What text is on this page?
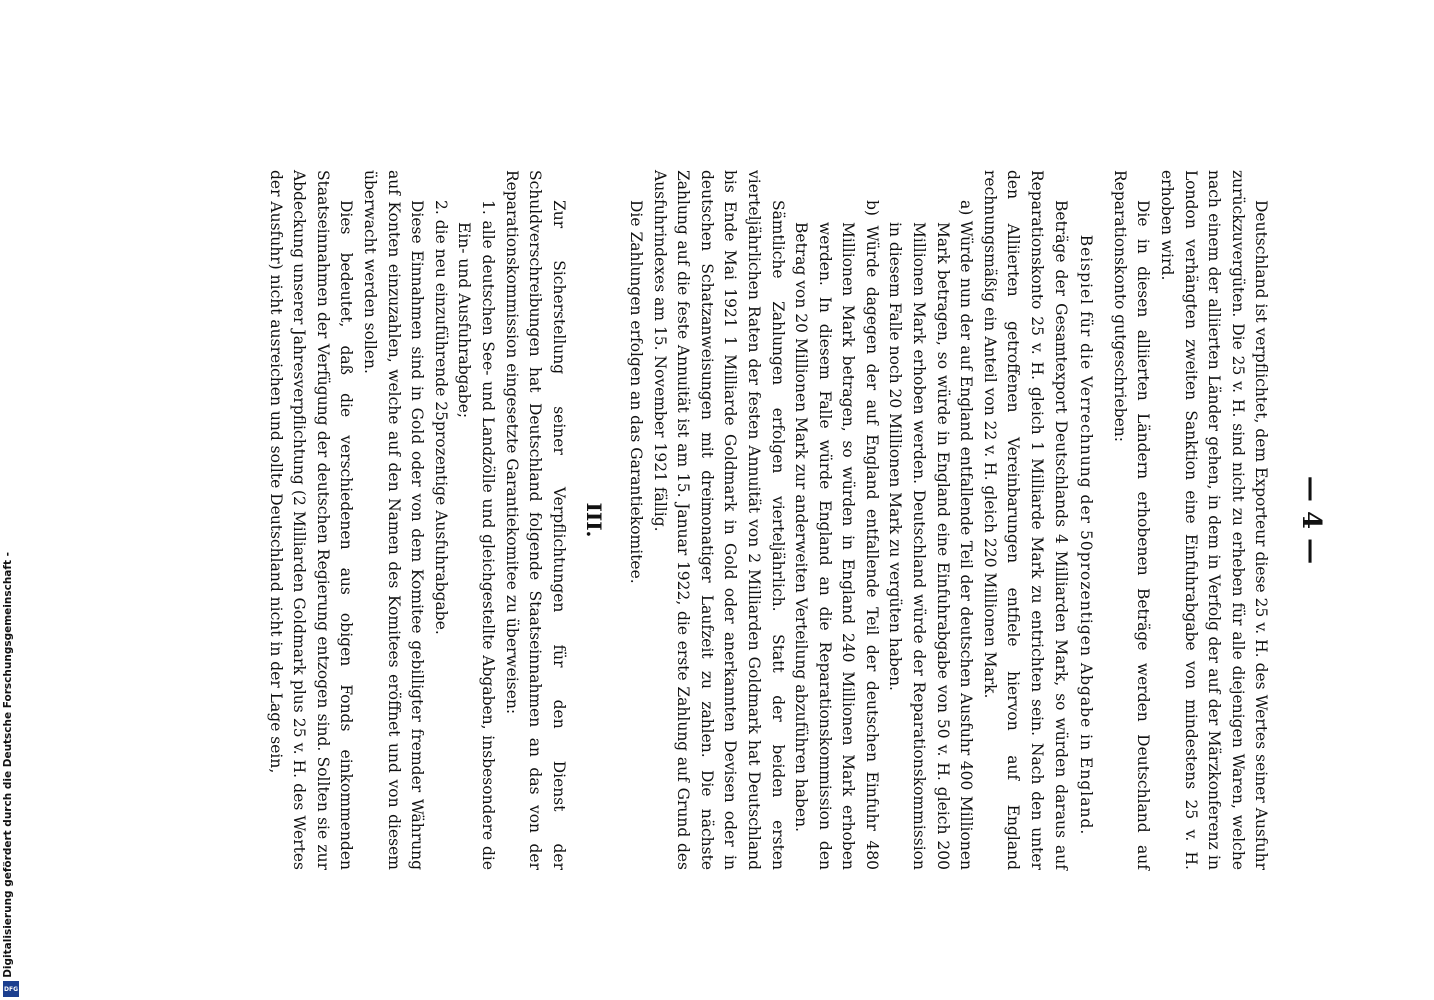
Digitalisierung gefördert durch die Deutsche Forschungsgemeinschaft -
DFG
— 4 —

Deutschland ist verpflichtet, dem Exporteur diese 25 v. H. des Wertes seiner Ausfuhr zurückzuvergüten. Die 25 v. H. sind nicht zu erheben für alle diejenigen Waren, welche nach einem der alliierten Länder gehen, in dem in Verfolg der auf der Märzkonferenz in London verhängten zweiten Sanktion eine Einfuhrabgabe von mindestens 25 v. H. erhoben wird.

Die in diesen alliierten Ländern erhobenen Beträge werden Deutschland auf Reparationskonto gutgeschrieben:

Beispiel für die Verrechnung der 50prozentigen Abgabe in England.

Beträge der Gesamtexport Deutschlands 4 Milliarden Mark, so würden daraus auf Reparationskonto 25 v. H. gleich 1 Milliarde Mark zu entrichten sein. Nach den unter den Alliierten getroffenen Vereinbarungen entfiele hiervon auf England rechnungsmäßig ein Anteil von 22 v. H. gleich 220 Millionen Mark.

a) Würde nun der auf England entfallende Teil der deutschen Ausfuhr 400 Millionen Mark betragen, so würde in England eine Einfuhrabgabe von 50 v. H. gleich 200 Millionen Mark erhoben werden. Deutschland würde der Reparationskommission in diesem Falle noch 20 Millionen Mark zu vergüten haben.

b) Würde dagegen der auf England entfallende Teil der deutschen Einfuhr 480 Millionen Mark betragen, so würden in England 240 Millionen Mark erhoben werden. In diesem Falle würde England an die Reparationskommission den Betrag von 20 Millionen Mark zur anderweiten Verteilung abzuführen haben.

Sämtliche Zahlungen erfolgen vierteljährlich. Statt der beiden ersten vierteljährlichen Raten der festen Annuität von 2 Milliarden Goldmark hat Deutschland bis Ende Mai 1921 1 Milliarde Goldmark in Gold oder anerkannten Devisen oder in deutschen Schatzanweisungen mit dreimonatiger Laufzeit zu zahlen. Die nächste Zahlung auf die feste Annuität ist am 15. Januar 1922, die erste Zahlung auf Grund des Ausfuhrindexes am 15. November 1921 fällig.

Die Zahlungen erfolgen an das Garantiekomitee.

III.

Zur Sicherstellung seiner Verpflichtungen für den Dienst der Schuldverschreibungen hat Deutschland folgende Staatseinnahmen an das von der Reparationskommission eingesetzte Garantiekomitee zu überweisen:

1. alle deutschen See- und Landzölle und gleichgestellte Abgaben, insbesondere die Ein- und Ausfuhrabgabe;

2. die neu einzuführende 25prozentige Ausfuhrabgabe.

Diese Einnahmen sind in Gold oder von dem Komitee gebilligter fremder Währung auf Konten einzuzahlen, welche auf den Namen des Komitees eröffnet und von diesem überwacht werden sollen.

Dies bedeutet, daß die verschiedenen aus obigen Fonds einkommenden Staatseinnahmen der Verfügung der deutschen Regierung entzogen sind. Sollten sie zur Abdeckung unserer Jahresverpflichtung (2 Milliarden Goldmark plus 25 v. H. des Wertes der Ausfuhr) nicht ausreichen und sollte Deutschland nicht in der Lage sein,
